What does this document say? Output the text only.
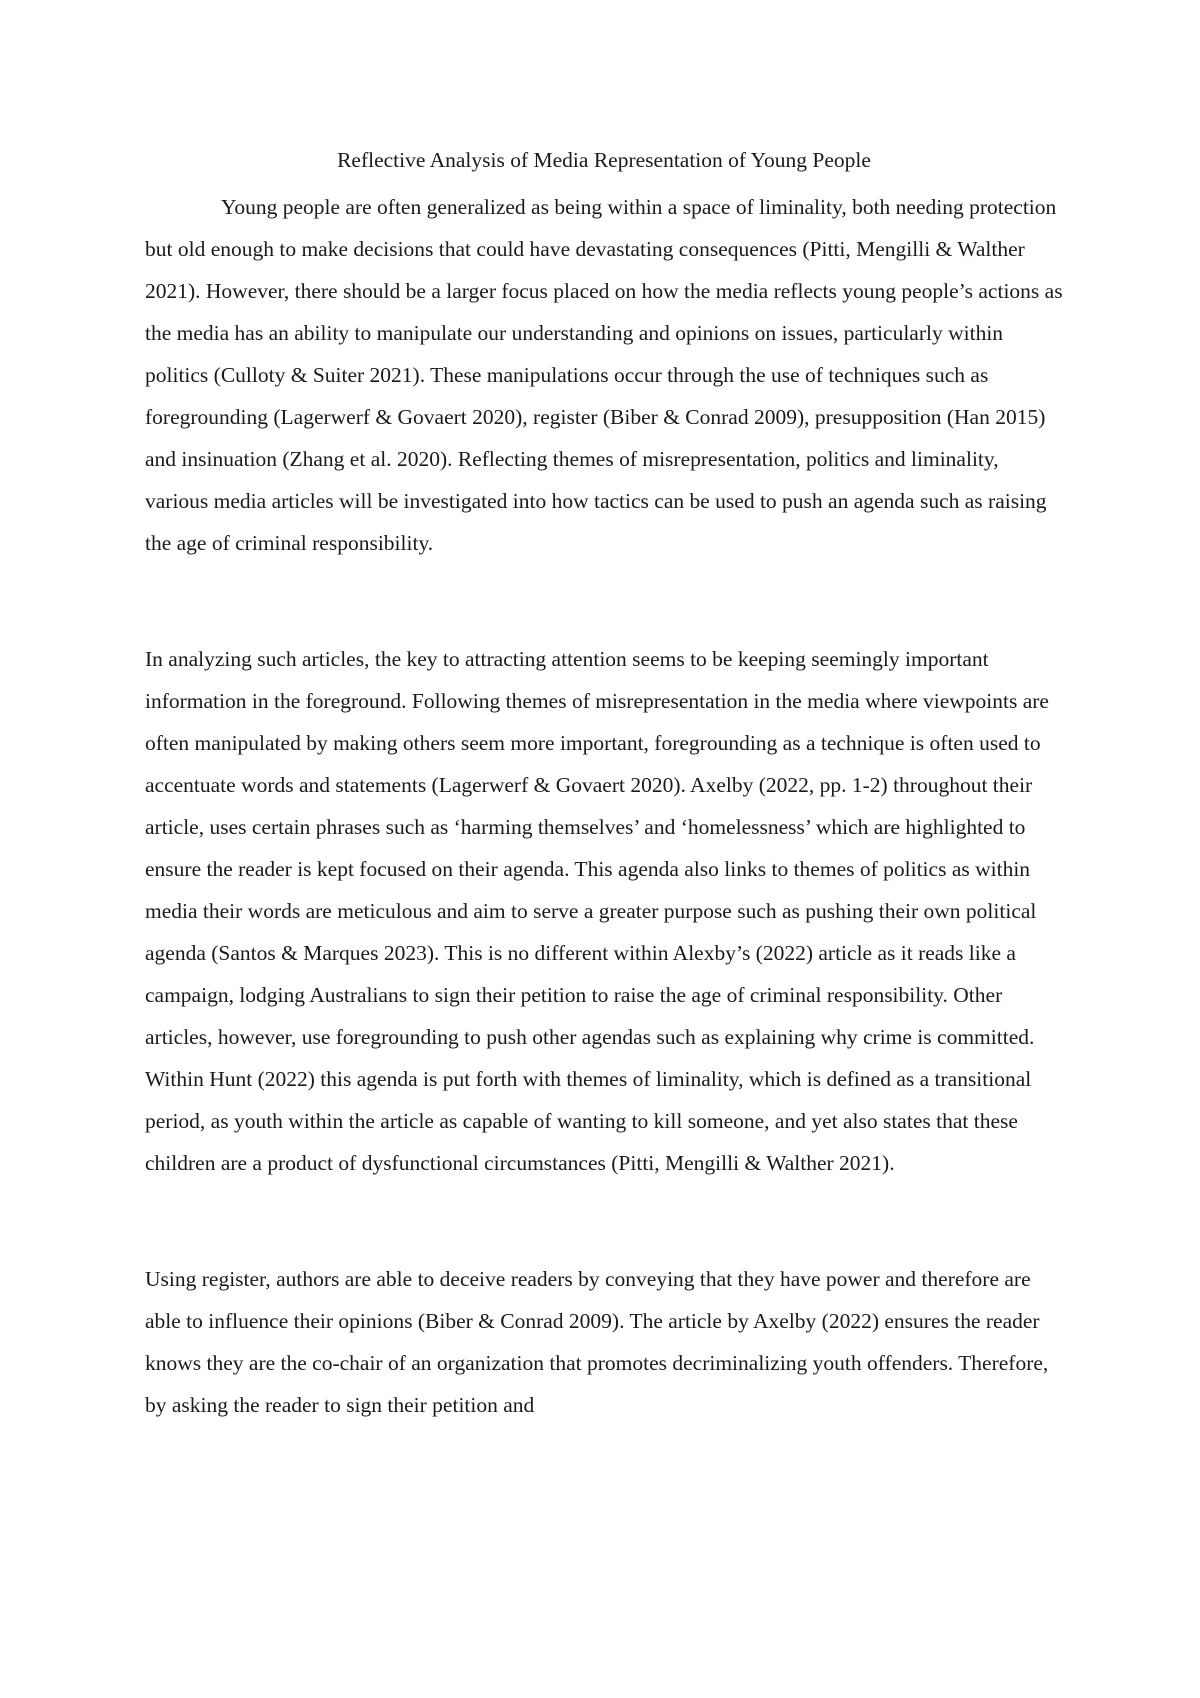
Reflective Analysis of Media Representation of Young People

Young people are often generalized as being within a space of liminality, both needing protection but old enough to make decisions that could have devastating consequences (Pitti, Mengilli & Walther 2021). However, there should be a larger focus placed on how the media reflects young people’s actions as the media has an ability to manipulate our understanding and opinions on issues, particularly within politics (Culloty & Suiter 2021). These manipulations occur through the use of techniques such as foregrounding (Lagerwerf & Govaert 2020), register (Biber & Conrad 2009), presupposition (Han 2015) and insinuation (Zhang et al. 2020). Reflecting themes of misrepresentation, politics and liminality, various media articles will be investigated into how tactics can be used to push an agenda such as raising the age of criminal responsibility.

In analyzing such articles, the key to attracting attention seems to be keeping seemingly important information in the foreground. Following themes of misrepresentation in the media where viewpoints are often manipulated by making others seem more important, foregrounding as a technique is often used to accentuate words and statements (Lagerwerf & Govaert 2020). Axelby (2022, pp. 1-2) throughout their article, uses certain phrases such as ‘harming themselves’ and ‘homelessness’ which are highlighted to ensure the reader is kept focused on their agenda. This agenda also links to themes of politics as within media their words are meticulous and aim to serve a greater purpose such as pushing their own political agenda (Santos & Marques 2023). This is no different within Alexby’s (2022) article as it reads like a campaign, lodging Australians to sign their petition to raise the age of criminal responsibility. Other articles, however, use foregrounding to push other agendas such as explaining why crime is committed. Within Hunt (2022) this agenda is put forth with themes of liminality, which is defined as a transitional period, as youth within the article as capable of wanting to kill someone, and yet also states that these children are a product of dysfunctional circumstances (Pitti, Mengilli & Walther 2021).

Using register, authors are able to deceive readers by conveying that they have power and therefore are able to influence their opinions (Biber & Conrad 2009). The article by Axelby (2022) ensures the reader knows they are the co-chair of an organization that promotes decriminalizing youth offenders. Therefore, by asking the reader to sign their petition and
